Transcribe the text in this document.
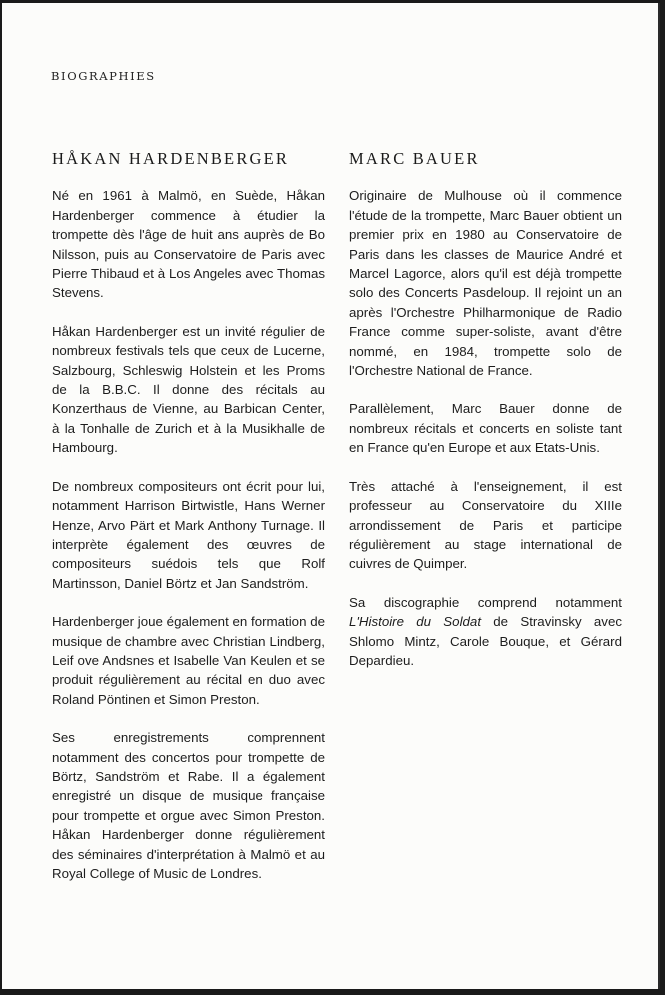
BIOGRAPHIES
HÅKAN HARDENBERGER

Né en 1961 à Malmö, en Suède, Håkan Hardenberger commence à étudier la trompette dès l'âge de huit ans auprès de Bo Nilsson, puis au Conservatoire de Paris avec Pierre Thibaud et à Los Angeles avec Thomas Stevens.

Håkan Hardenberger est un invité régulier de nombreux festivals tels que ceux de Lucerne, Salzbourg, Schleswig Holstein et les Proms de la B.B.C. Il donne des récitals au Konzerthaus de Vienne, au Barbican Center, à la Tonhalle de Zurich et à la Musikhalle de Hambourg.

De nombreux compositeurs ont écrit pour lui, notamment Harrison Birtwistle, Hans Werner Henze, Arvo Pärt et Mark Anthony Turnage. Il interprète également des œuvres de compositeurs suédois tels que Rolf Martinsson, Daniel Börtz et Jan Sandström.

Hardenberger joue également en formation de musique de chambre avec Christian Lindberg, Leif ove Andsnes et Isabelle Van Keulen et se produit régulièrement au récital en duo avec Roland Pöntinen et Simon Preston.

Ses enregistrements comprennent notamment des concertos pour trompette de Börtz, Sandström et Rabe. Il a également enregistré un disque de musique française pour trompette et orgue avec Simon Preston. Håkan Hardenberger donne régulièrement des séminaires d'interprétation à Malmö et au Royal College of Music de Londres.

MARC BAUER

Originaire de Mulhouse où il commence l'étude de la trompette, Marc Bauer obtient un premier prix en 1980 au Conservatoire de Paris dans les classes de Maurice André et Marcel Lagorce, alors qu'il est déjà trompette solo des Concerts Pasdeloup. Il rejoint un an après l'Orchestre Philharmonique de Radio France comme super-soliste, avant d'être nommé, en 1984, trompette solo de l'Orchestre National de France.

Parallèlement, Marc Bauer donne de nombreux récitals et concerts en soliste tant en France qu'en Europe et aux Etats-Unis.

Très attaché à l'enseignement, il est professeur au Conservatoire du XIIIe arrondissement de Paris et participe régulièrement au stage international de cuivres de Quimper.

Sa discographie comprend notamment L'Histoire du Soldat de Stravinsky avec Shlomo Mintz, Carole Bouque, et Gérard Depardieu.
